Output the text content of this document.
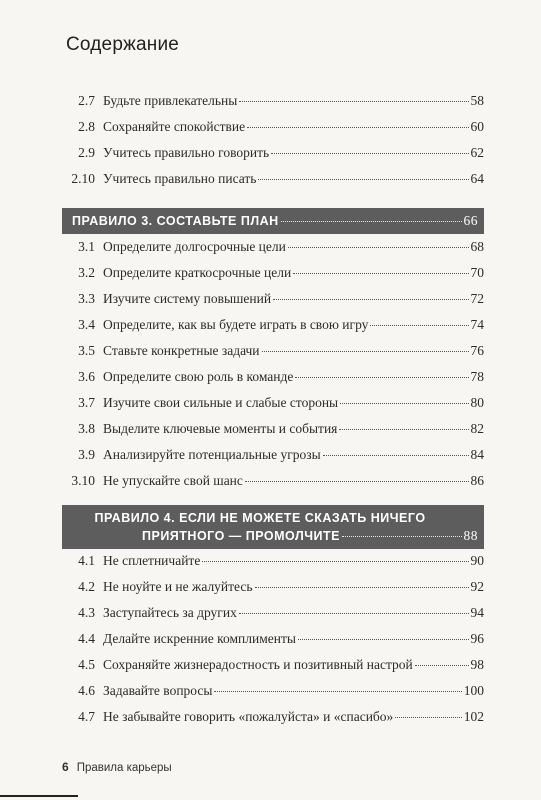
Содержание
2.7 Будьте привлекательны	58
2.8 Сохраняйте спокойствие	60
2.9 Учитесь правильно говорить	62
2.10 Учитесь правильно писать	64
ПРАВИЛО 3. СОСТАВЬТЕ ПЛАН	66
3.1 Определите долгосрочные цели	68
3.2 Определите краткосрочные цели	70
3.3 Изучите систему повышений	72
3.4 Определите, как вы будете играть в свою игру	74
3.5 Ставьте конкретные задачи	76
3.6 Определите свою роль в команде	78
3.7 Изучите свои сильные и слабые стороны	80
3.8 Выделите ключевые моменты и события	82
3.9 Анализируйте потенциальные угрозы	84
3.10 Не упускайте свой шанс	86
ПРАВИЛО 4. ЕСЛИ НЕ МОЖЕТЕ СКАЗАТЬ НИЧЕГО
ПРИЯТНОГО — ПРОМОЛЧИТЕ	88
4.1 Не сплетничайте	90
4.2 Не ноуйте и не жалуйтесь	92
4.3 Заступайтесь за других	94
4.4 Делайте искренние комплименты	96
4.5 Сохраняйте жизнерадостность и позитивный настрой	98
4.6 Задавайте вопросы	100
4.7 Не забывайте говорить «пожалуйста» и «спасибо»	102
6 Правила карьеры
